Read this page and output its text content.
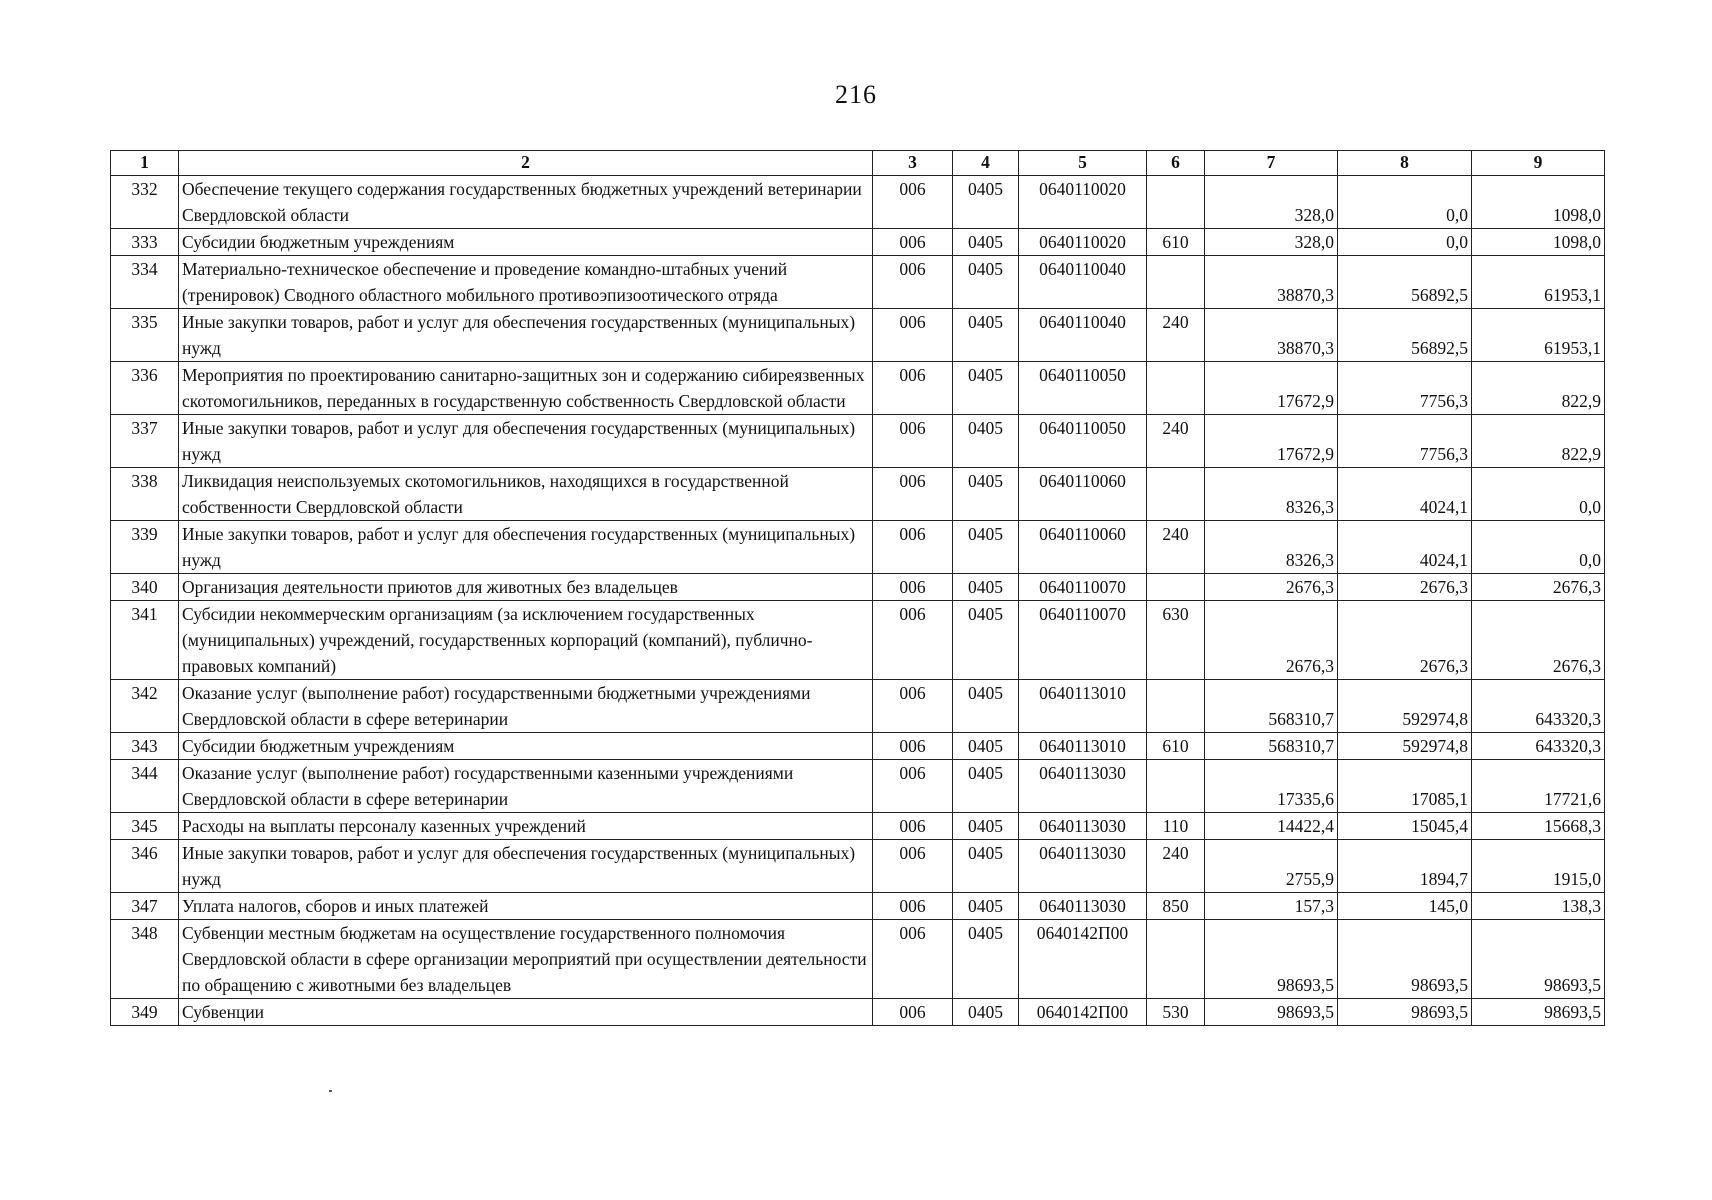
216
1	2	3	4	5	6	7	8	9
332	Обеспечение текущего содержания государственных бюджетных учреждений ветеринарии Свердловской области	006	0405	0640110020		328,0	0,0	1098,0
333	Субсидии бюджетным учреждениям	006	0405	0640110020	610	328,0	0,0	1098,0
334	Материально-техническое обеспечение и проведение командно-штабных учений (тренировок) Сводного областного мобильного противоэпизоотического отряда	006	0405	0640110040		38870,3	56892,5	61953,1
335	Иные закупки товаров, работ и услуг для обеспечения государственных (муниципальных) нужд	006	0405	0640110040	240	38870,3	56892,5	61953,1
336	Мероприятия по проектированию санитарно-защитных зон и содержанию сибиреязвенных скотомогильников, переданных в государственную собственность Свердловской области	006	0405	0640110050		17672,9	7756,3	822,9
337	Иные закупки товаров, работ и услуг для обеспечения государственных (муниципальных) нужд	006	0405	0640110050	240	17672,9	7756,3	822,9
338	Ликвидация неиспользуемых скотомогильников, находящихся в государственной собственности Свердловской области	006	0405	0640110060		8326,3	4024,1	0,0
339	Иные закупки товаров, работ и услуг для обеспечения государственных (муниципальных) нужд	006	0405	0640110060	240	8326,3	4024,1	0,0
340	Организация деятельности приютов для животных без владельцев	006	0405	0640110070		2676,3	2676,3	2676,3
341	Субсидии некоммерческим организациям (за исключением государственных (муниципальных) учреждений, государственных корпораций (компаний), публично-правовых компаний)	006	0405	0640110070	630	2676,3	2676,3	2676,3
342	Оказание услуг (выполнение работ) государственными бюджетными учреждениями Свердловской области в сфере ветеринарии	006	0405	0640113010		568310,7	592974,8	643320,3
343	Субсидии бюджетным учреждениям	006	0405	0640113010	610	568310,7	592974,8	643320,3
344	Оказание услуг (выполнение работ) государственными казенными учреждениями Свердловской области в сфере ветеринарии	006	0405	0640113030		17335,6	17085,1	17721,6
345	Расходы на выплаты персоналу казенных учреждений	006	0405	0640113030	110	14422,4	15045,4	15668,3
346	Иные закупки товаров, работ и услуг для обеспечения государственных (муниципальных) нужд	006	0405	0640113030	240	2755,9	1894,7	1915,0
347	Уплата налогов, сборов и иных платежей	006	0405	0640113030	850	157,3	145,0	138,3
348	Субвенции местным бюджетам на осуществление государственного полномочия Свердловской области в сфере организации мероприятий при осуществлении деятельности по обращению с животными без владельцев	006	0405	0640142П00		98693,5	98693,5	98693,5
349	Субвенции	006	0405	0640142П00	530	98693,5	98693,5	98693,5
